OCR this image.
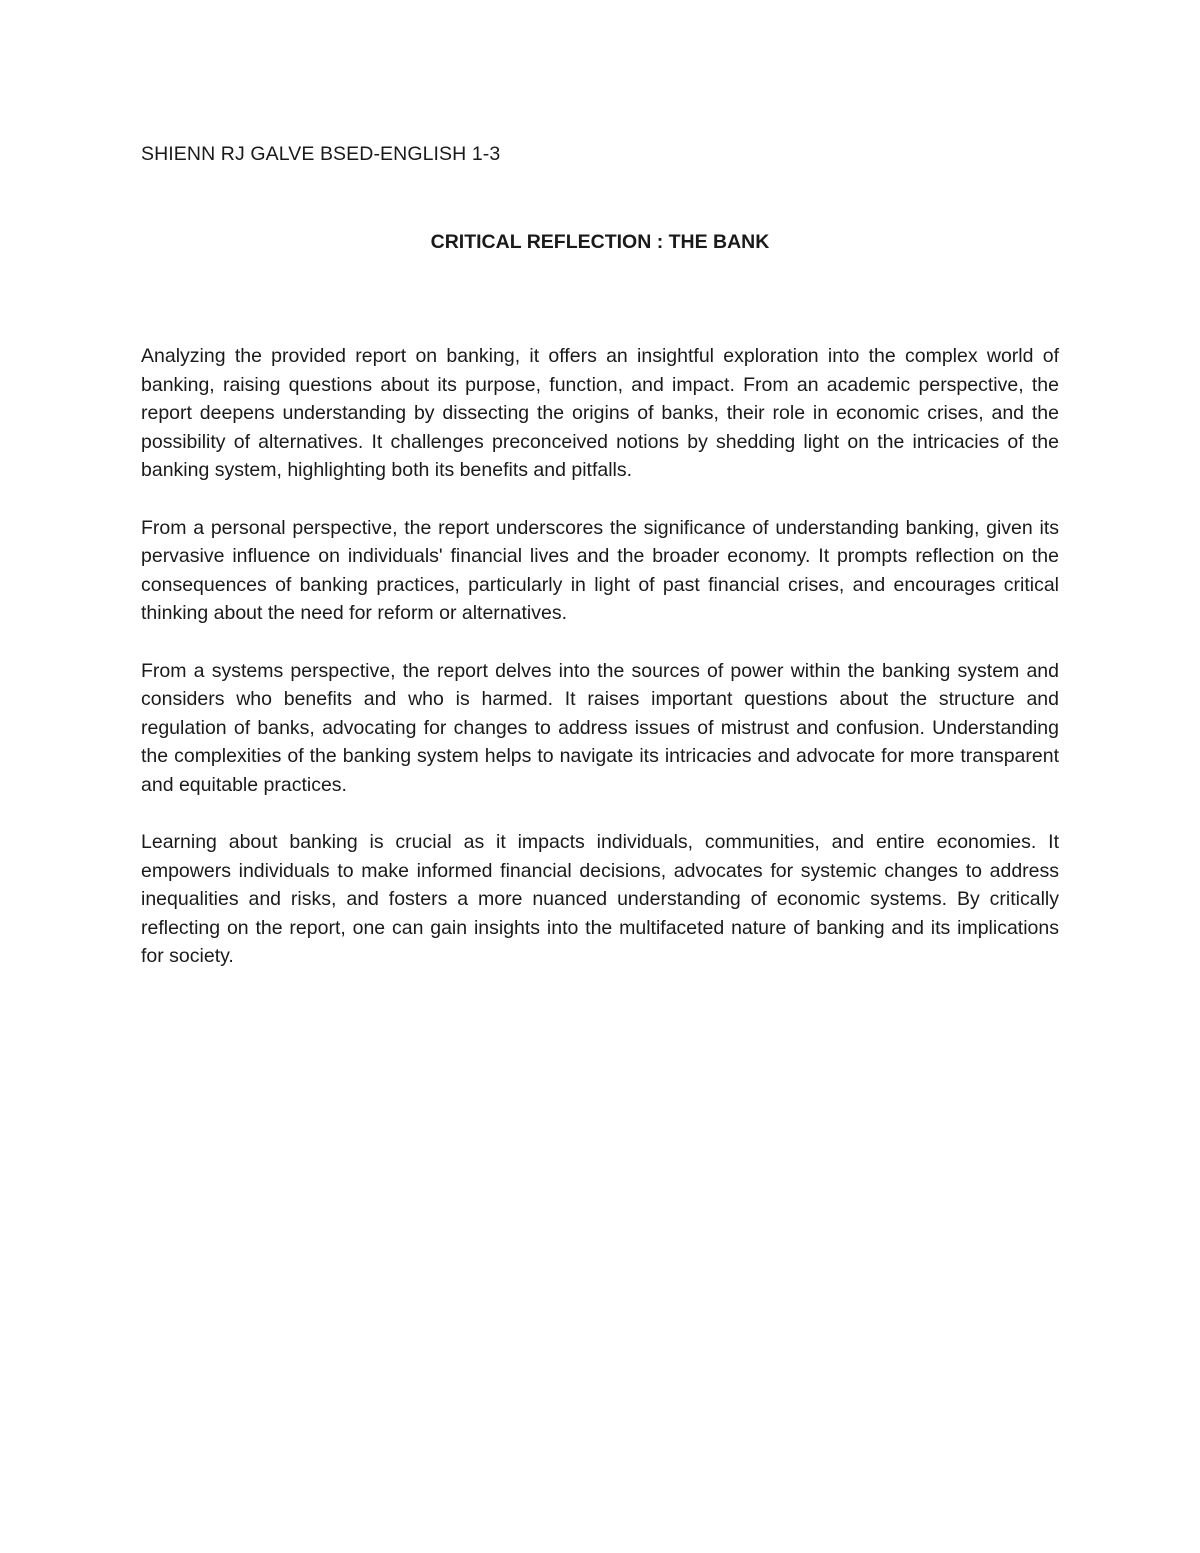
SHIENN RJ GALVE BSED-ENGLISH 1-3

CRITICAL REFLECTION : THE BANK

Analyzing the provided report on banking, it offers an insightful exploration into the complex world of banking, raising questions about its purpose, function, and impact. From an academic perspective, the report deepens understanding by dissecting the origins of banks, their role in economic crises, and the possibility of alternatives. It challenges preconceived notions by shedding light on the intricacies of the banking system, highlighting both its benefits and pitfalls.

From a personal perspective, the report underscores the significance of understanding banking, given its pervasive influence on individuals' financial lives and the broader economy. It prompts reflection on the consequences of banking practices, particularly in light of past financial crises, and encourages critical thinking about the need for reform or alternatives.

From a systems perspective, the report delves into the sources of power within the banking system and considers who benefits and who is harmed. It raises important questions about the structure and regulation of banks, advocating for changes to address issues of mistrust and confusion. Understanding the complexities of the banking system helps to navigate its intricacies and advocate for more transparent and equitable practices.

Learning about banking is crucial as it impacts individuals, communities, and entire economies. It empowers individuals to make informed financial decisions, advocates for systemic changes to address inequalities and risks, and fosters a more nuanced understanding of economic systems. By critically reflecting on the report, one can gain insights into the multifaceted nature of banking and its implications for society.
